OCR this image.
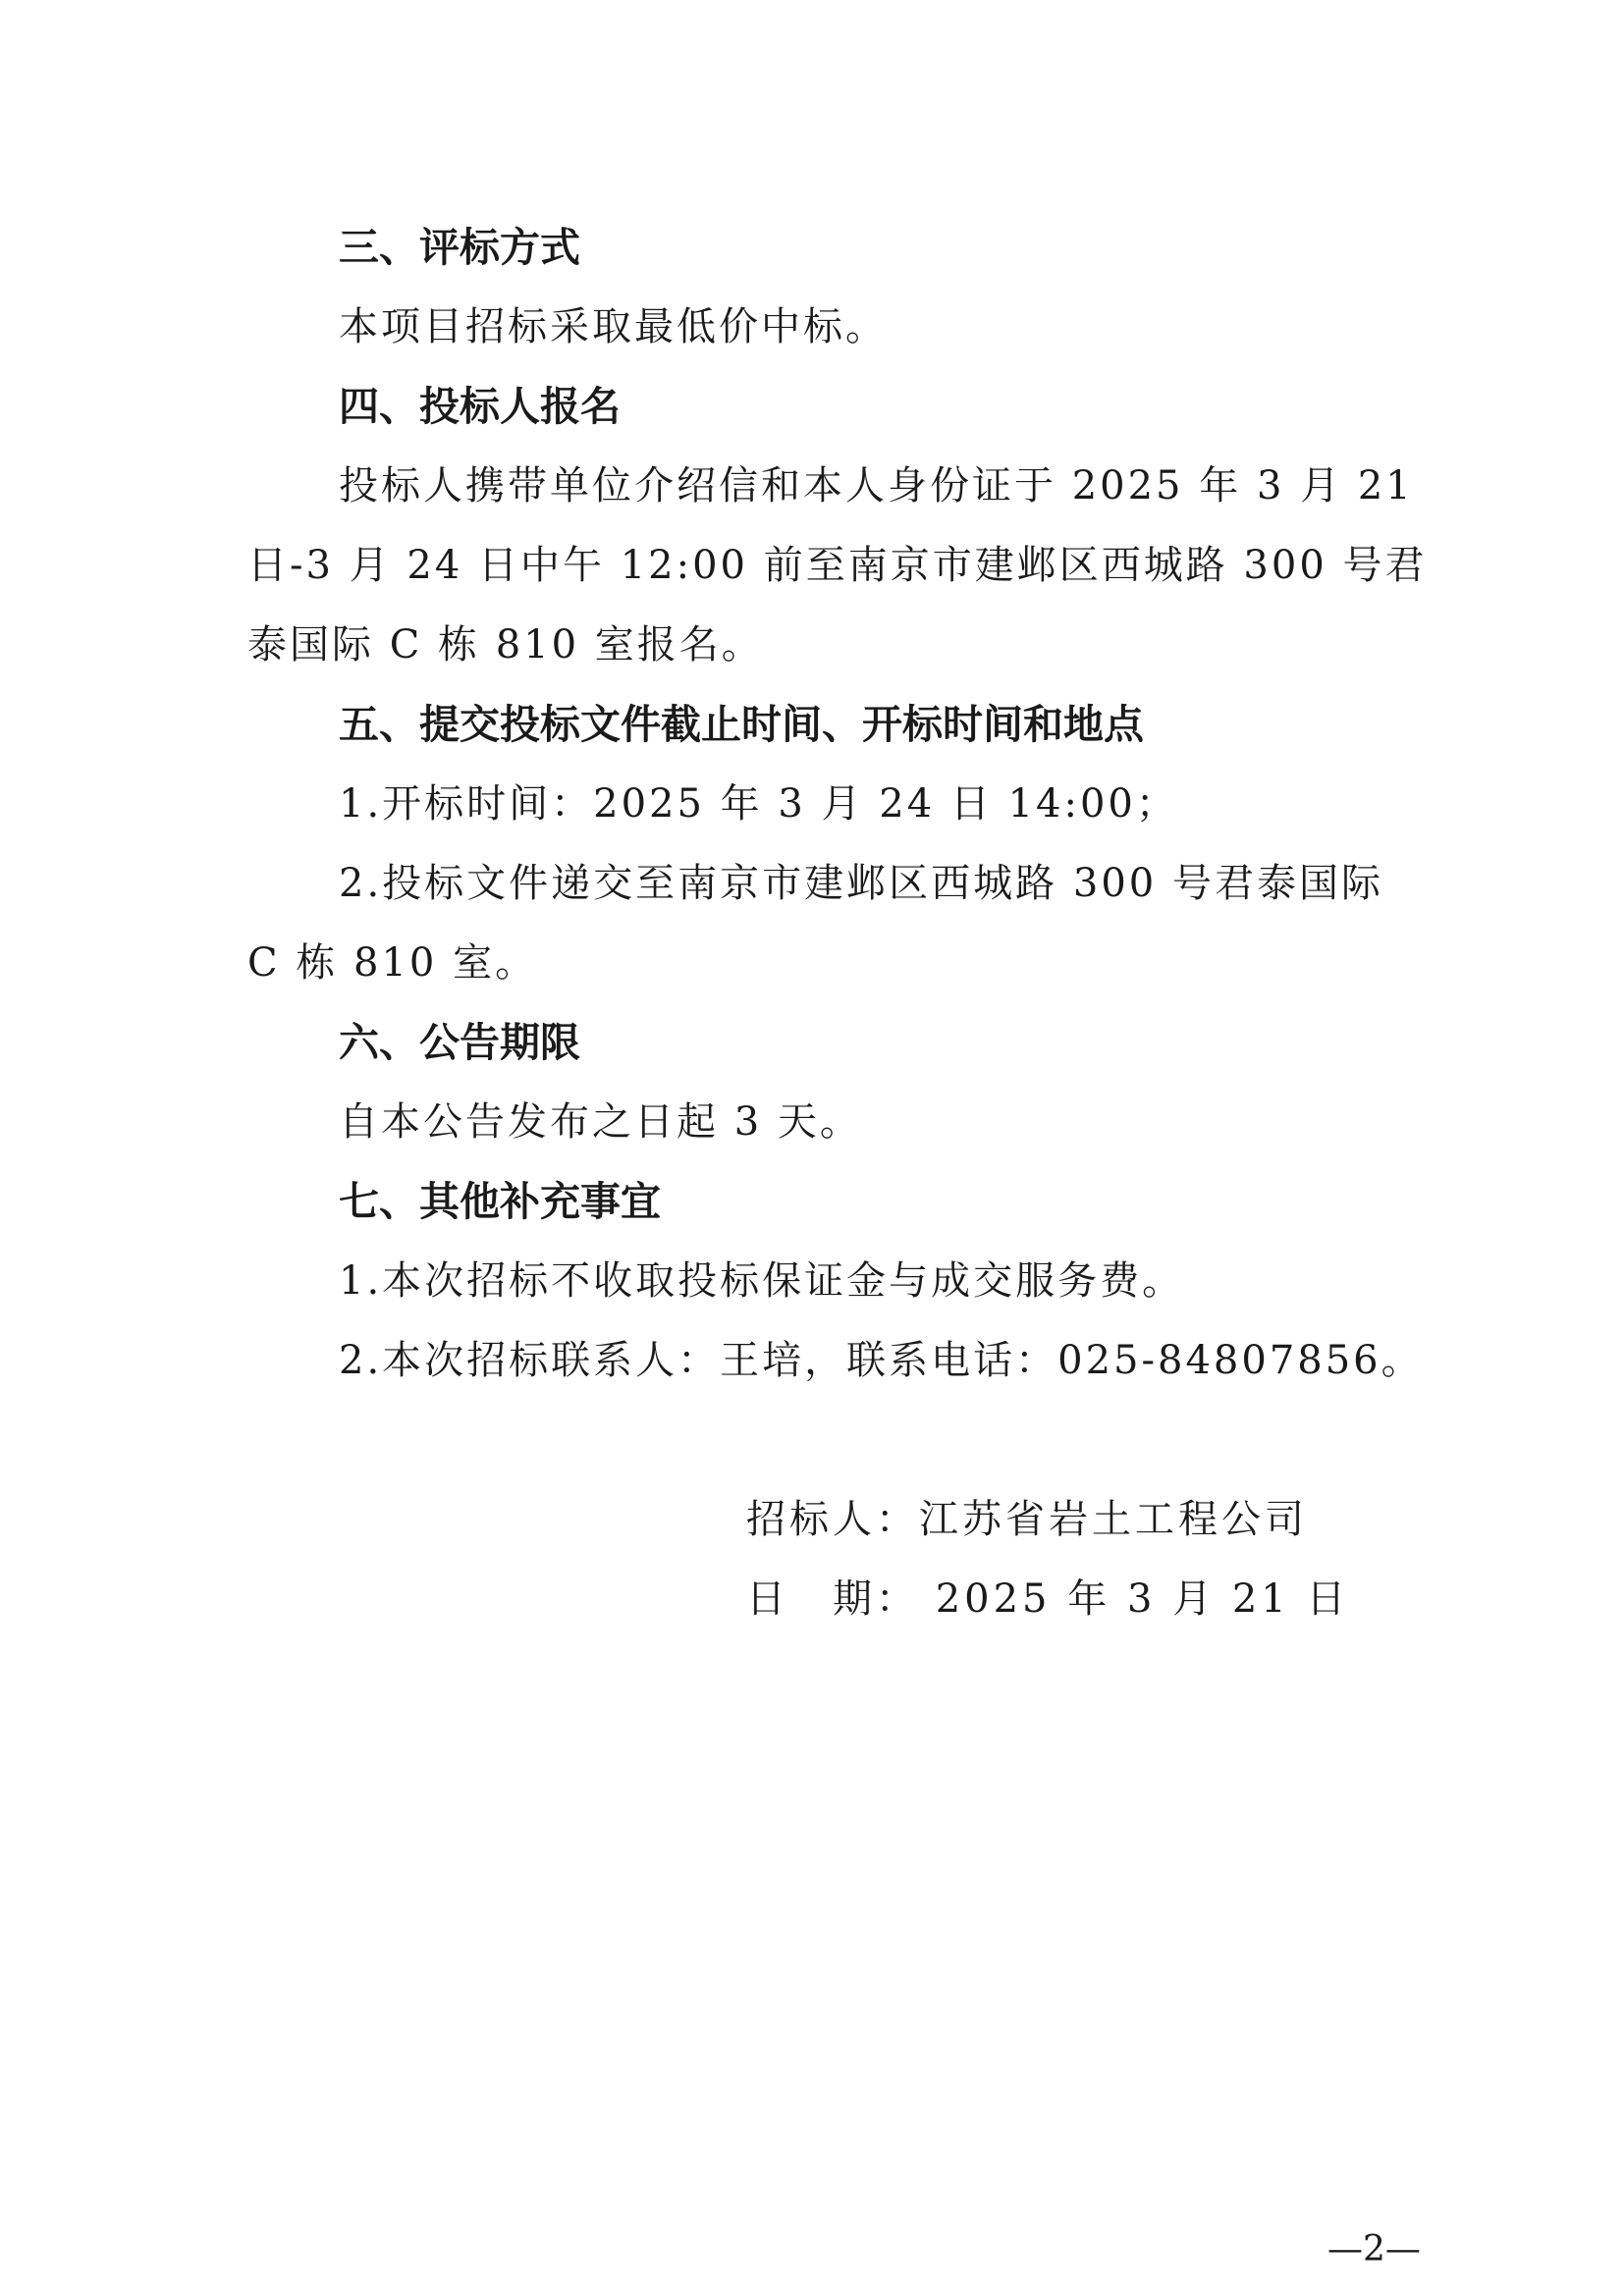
三、评标方式
本项目招标采取最低价中标。
四、投标人报名
投标人携带单位介绍信和本人身份证于 2025 年 3 月 21
日-3 月 24 日中午 12:00 前至南京市建邺区西城路 300 号君
泰国际 C 栋 810 室报名。
五、提交投标文件截止时间、开标时间和地点
1.开标时间：2025 年 3 月 24 日 14:00；
2.投标文件递交至南京市建邺区西城路 300 号君泰国际
C 栋 810 室。
六、公告期限
自本公告发布之日起 3 天。
七、其他补充事宜
1.本次招标不收取投标保证金与成交服务费。
2.本次招标联系人：王培，联系电话：025-84807856。
招标人：江苏省岩土工程公司
日　期： 2025 年 3 月 21 日
—2—
